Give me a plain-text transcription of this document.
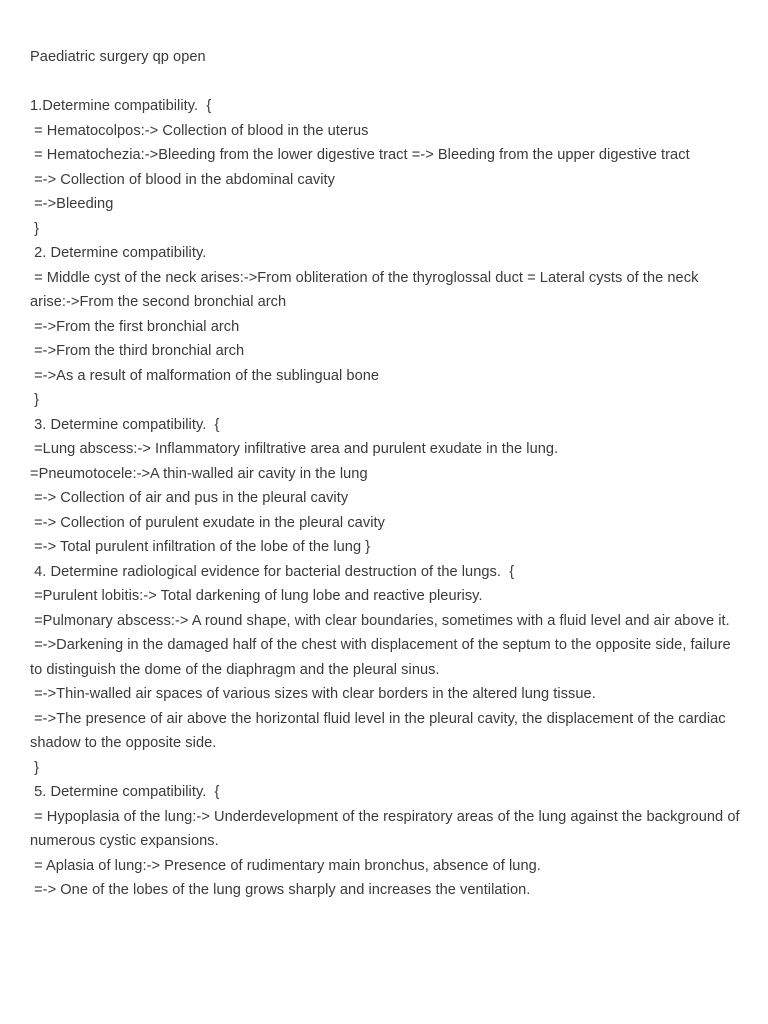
Paediatric surgery qp open

1.Determine compatibility.  {

= Hematocolpos:-> Collection of blood in the uterus

= Hematochezia:->Bleeding from the lower digestive tract =-> Bleeding from the upper digestive tract

=-> Collection of blood in the abdominal cavity

=->Bleeding

}

2. Determine compatibility.

= Middle cyst of the neck arises:->From obliteration of the thyroglossal duct = Lateral cysts of the neck arise:->From the second bronchial arch

=->From the first bronchial arch

=->From the third bronchial arch

=->As a result of malformation of the sublingual bone

}

3. Determine compatibility.  {

=Lung abscess:-> Inflammatory infiltrative area and purulent exudate in the lung.

=Pneumotocele:->A thin-walled air cavity in the lung

=-> Collection of air and pus in the pleural cavity

=-> Collection of purulent exudate in the pleural cavity

=-> Total purulent infiltration of the lobe of the lung }

4. Determine radiological evidence for bacterial destruction of the lungs.  {

=Purulent lobitis:-> Total darkening of lung lobe and reactive pleurisy.

=Pulmonary abscess:-> A round shape, with clear boundaries, sometimes with a fluid level and air above it.

=->Darkening in the damaged half of the chest with displacement of the septum to the opposite side, failure to distinguish the dome of the diaphragm and the pleural sinus.

=->Thin-walled air spaces of various sizes with clear borders in the altered lung tissue.

=->The presence of air above the horizontal fluid level in the pleural cavity, the displacement of the cardiac shadow to the opposite side.

}

5. Determine compatibility.  {

= Hypoplasia of the lung:-> Underdevelopment of the respiratory areas of the lung against the background of numerous cystic expansions.

= Aplasia of lung:-> Presence of rudimentary main bronchus, absence of lung.

=-> One of the lobes of the lung grows sharply and increases the ventilation.
